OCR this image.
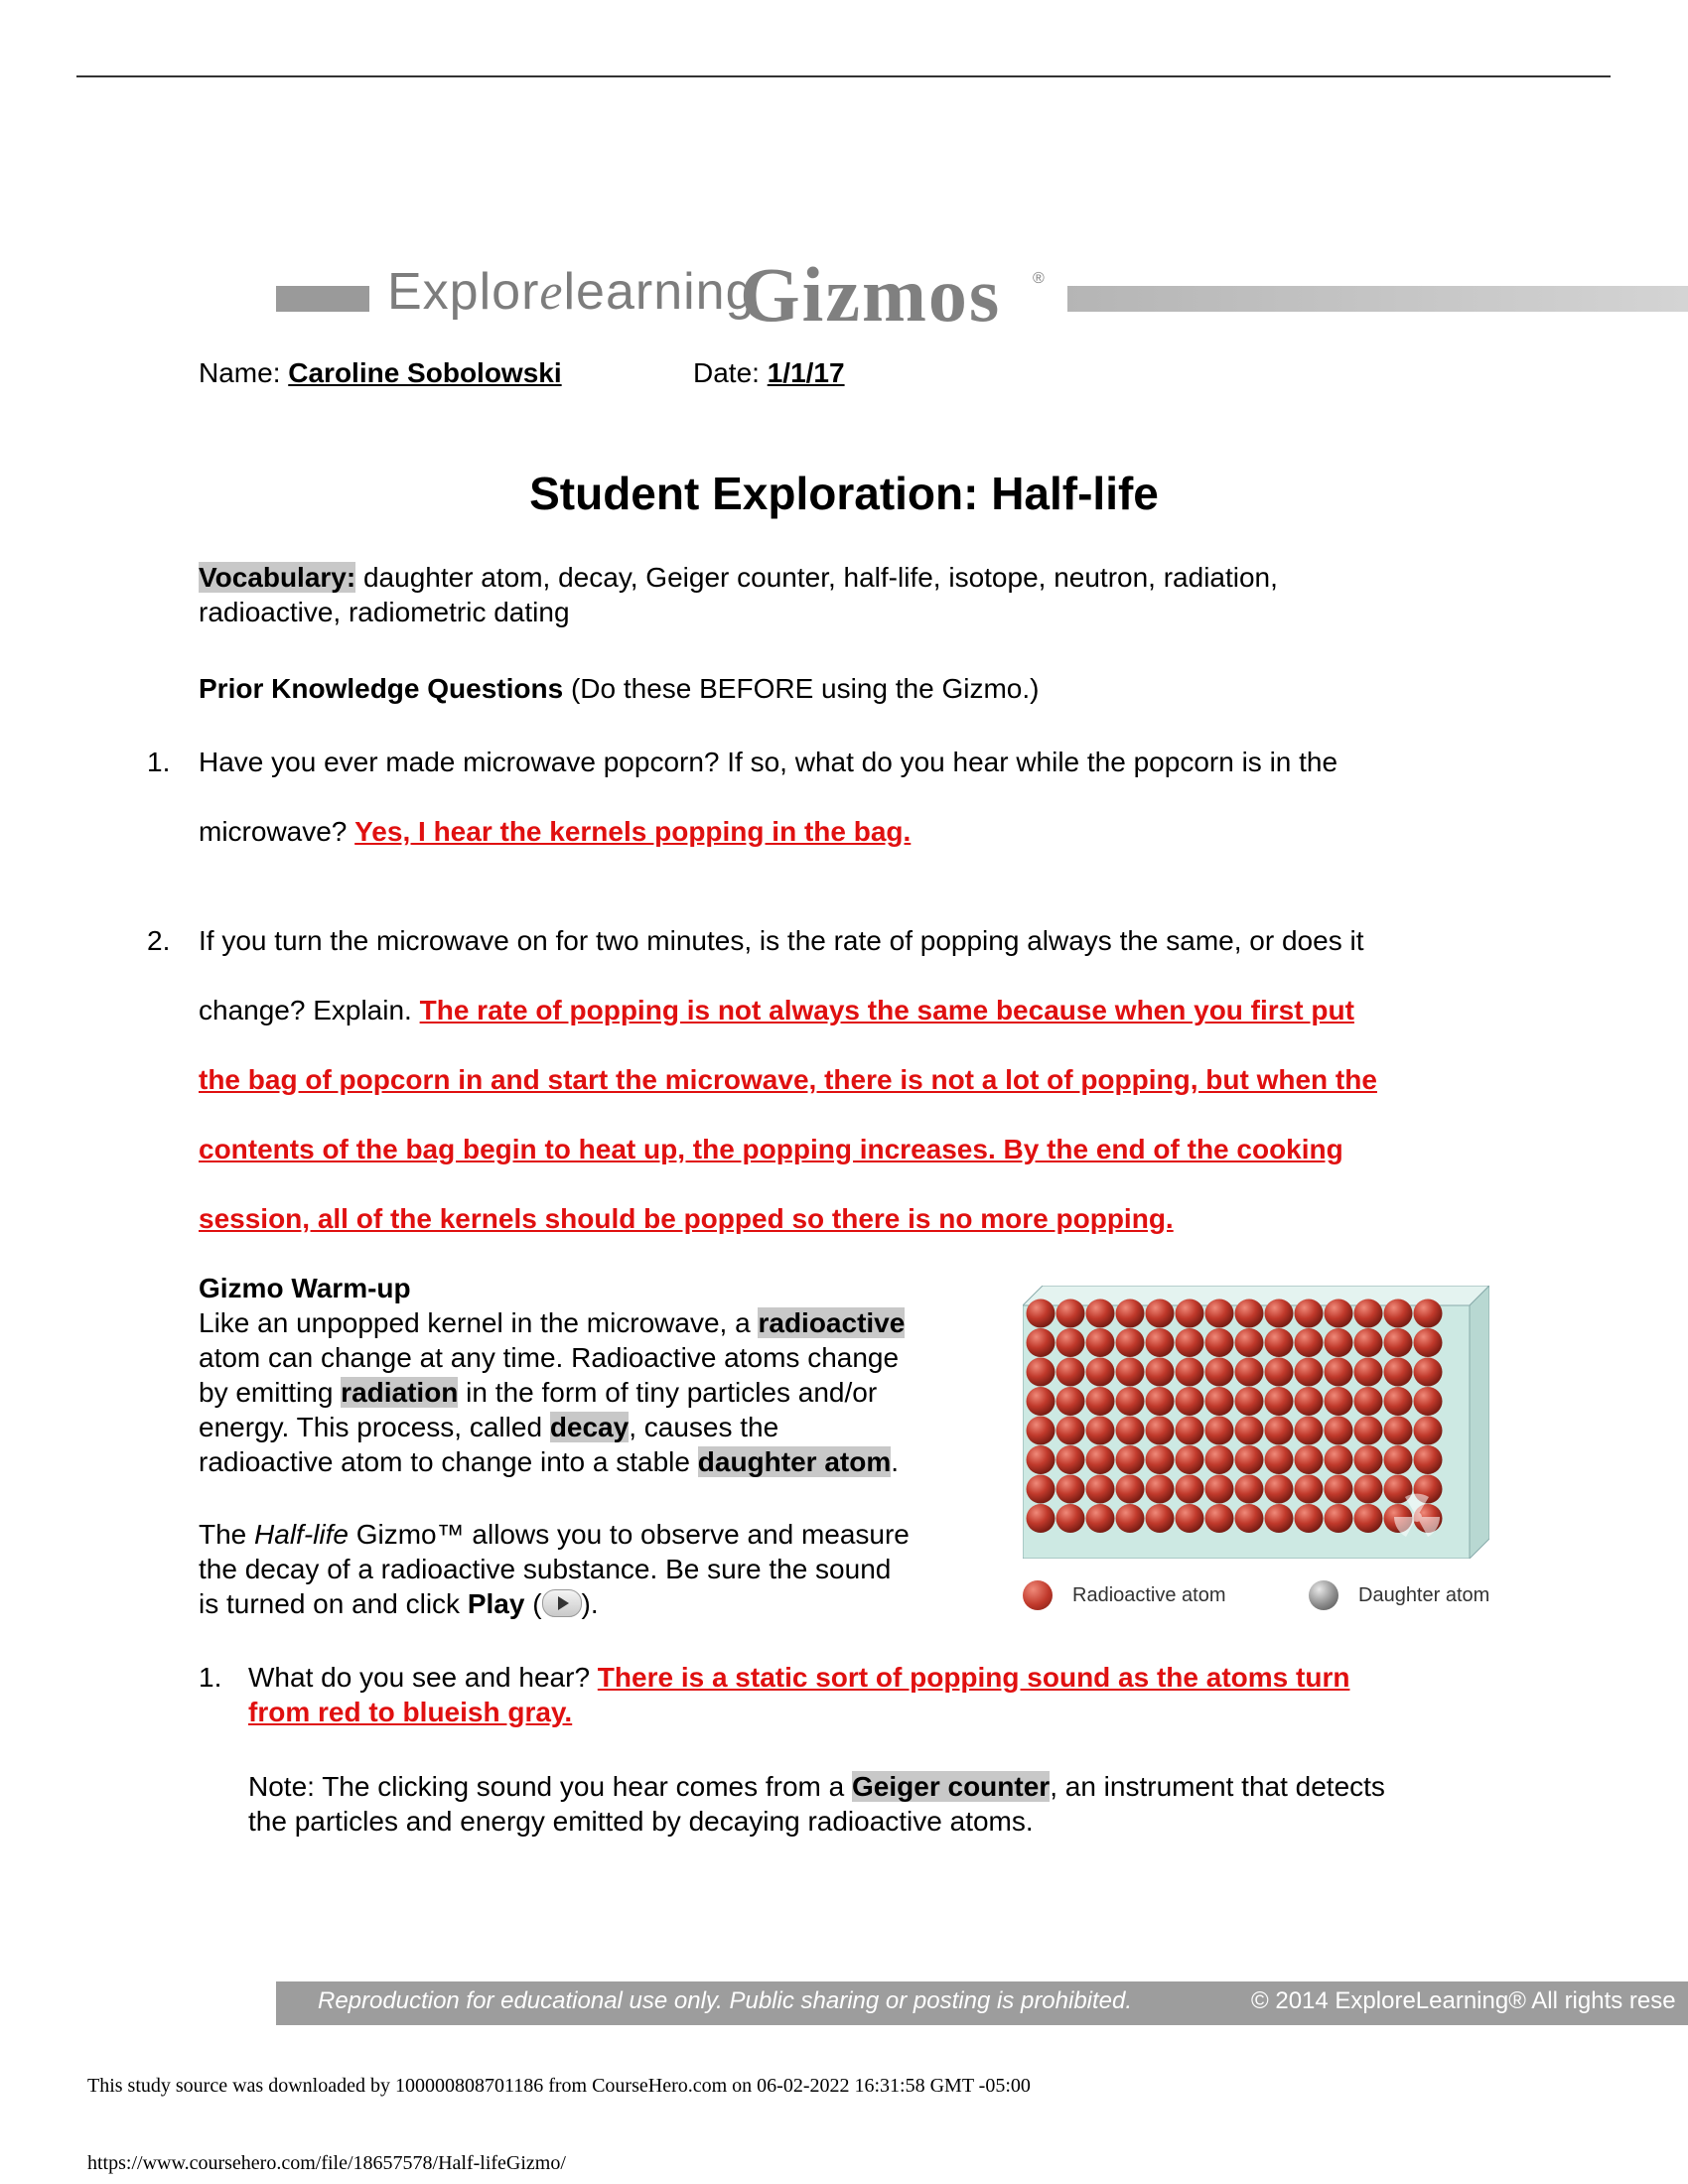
Explorelearning
Gizmos ®
Name: Caroline Sobolowski	Date: 1/1/17
Student Exploration: Half-life
Vocabulary: daughter atom, decay, Geiger counter, half-life, isotope, neutron, radiation,
radioactive, radiometric dating
Prior Knowledge Questions (Do these BEFORE using the Gizmo.)
1. Have you ever made microwave popcorn? If so, what do you hear while the popcorn is in the
microwave? Yes, I hear the kernels popping in the bag.
2. If you turn the microwave on for two minutes, is the rate of popping always the same, or does it
change? Explain. The rate of popping is not always the same because when you first put
the bag of popcorn in and start the microwave, there is not a lot of popping, but when the
contents of the bag begin to heat up, the popping increases. By the end of the cooking
session, all of the kernels should be popped so there is no more popping.
Gizmo Warm-up
Like an unpopped kernel in the microwave, a radioactive
atom can change at any time. Radioactive atoms change
by emitting radiation in the form of tiny particles and/or
energy. This process, called decay, causes the
radioactive atom to change into a stable daughter atom.
The Half-life Gizmo™ allows you to observe and measure
the decay of a radioactive substance. Be sure the sound
is turned on and click Play ( ).	Radioactive atom	Daughter atom
1. What do you see and hear? There is a static sort of popping sound as the atoms turn
from red to blueish gray.
Note: The clicking sound you hear comes from a Geiger counter, an instrument that detects
the particles and energy emitted by decaying radioactive atoms.
Reproduction for educational use only. Public sharing or posting is prohibited.	© 2014 ExploreLearning® All rights rese
This study source was downloaded by 100000808701186 from CourseHero.com on 06-02-2022 16:31:58 GMT -05:00
https://www.coursehero.com/file/18657578/Half-lifeGizmo/
